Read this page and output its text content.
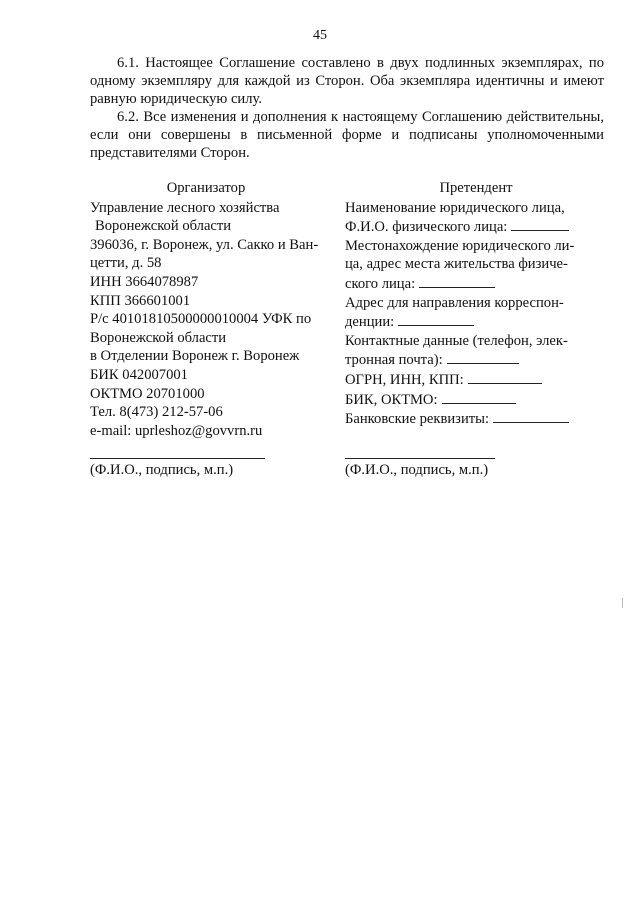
45
6.1. Настоящее Соглашение составлено в двух подлинных экземплярах, по одному экземпляру для каждой из Сторон. Оба экземпляра идентичны и имеют равную юридическую силу.
6.2. Все изменения и дополнения к настоящему Соглашению действительны, если они совершены в письменной форме и подписаны уполномоченными представителями Сторон.
Организатор
Управление лесного хозяйства
Воронежской области
396036, г. Воронеж, ул. Сакко и Ван-
цетти, д. 58
ИНН 3664078987
КПП 366601001
Р/с 40101810500000010004 УФК по
Воронежской области
в Отделении Воронеж г. Воронеж
БИК 042007001
ОКТМО 20701000
Тел. 8(473) 212-57-06
e-mail: uprleshoz@govvrn.ru
Претендент
Наименование юридического лица,
Ф.И.О. физического лица:
Местонахождение юридического ли-
ца, адрес места жительства физиче-
ского лица:
Адрес для направления корреспон-
денции:
Контактные данные (телефон, элек-
тронная почта):
ОГРН, ИНН, КПП:
БИК, ОКТМО:
Банковские реквизиты:
(Ф.И.О., подпись, м.п.)	(Ф.И.О., подпись, м.п.)
